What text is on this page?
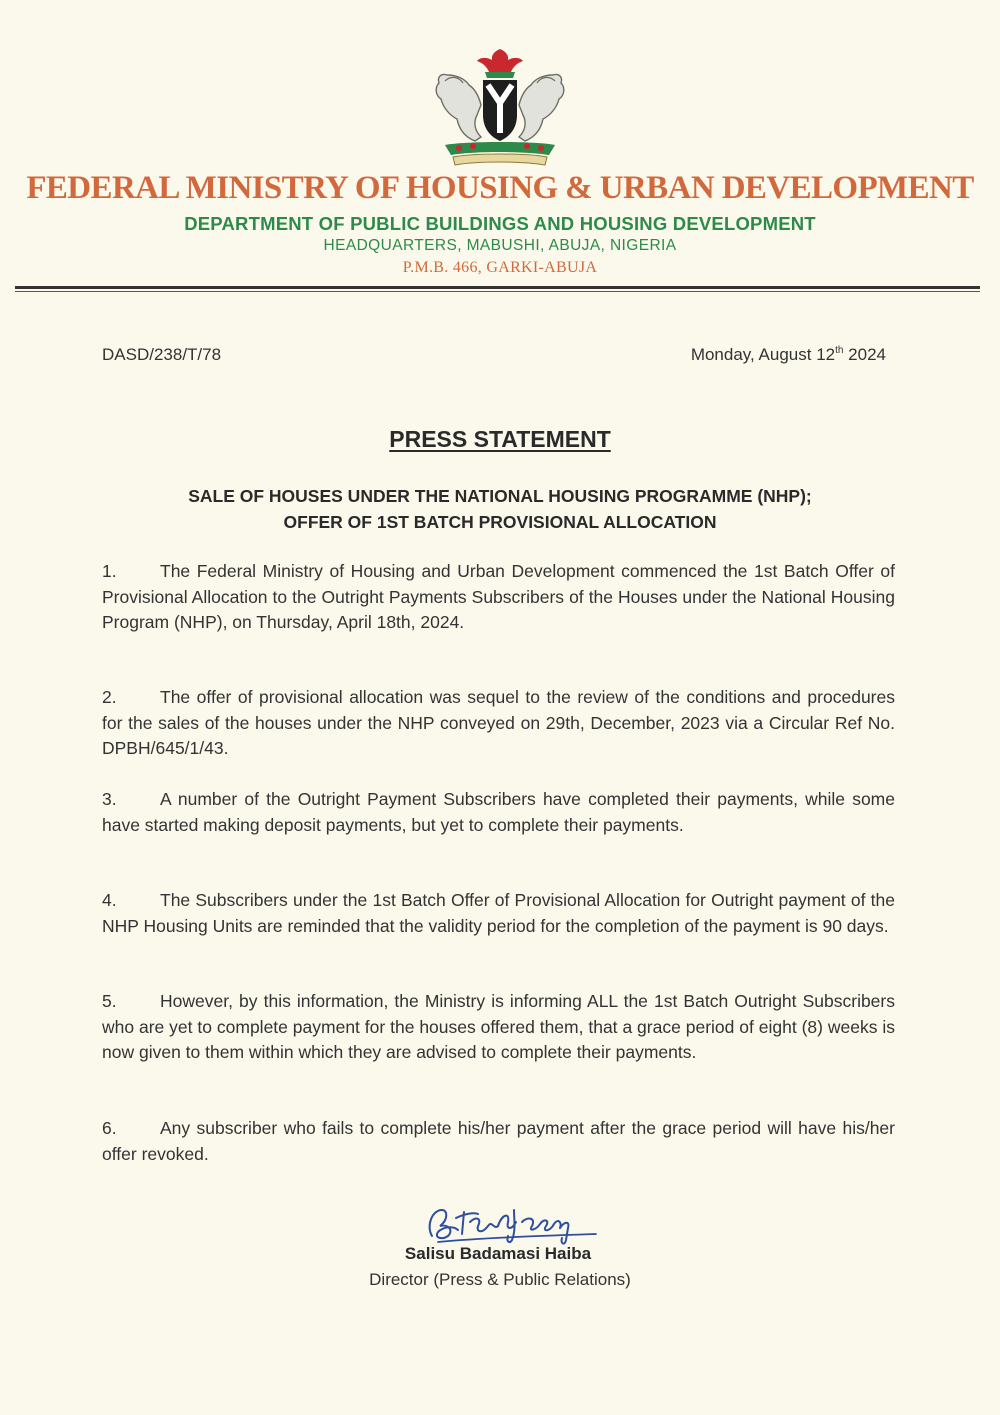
FEDERAL MINISTRY OF HOUSING & URBAN DEVELOPMENT
DEPARTMENT OF PUBLIC BUILDINGS AND HOUSING DEVELOPMENT
HEADQUARTERS, MABUSHI, ABUJA, NIGERIA
P.M.B. 466, GARKI-ABUJA
DASD/238/T/78	Monday, August 12th 2024
PRESS STATEMENT
SALE OF HOUSES UNDER THE NATIONAL HOUSING PROGRAMME (NHP);
OFFER OF 1ST BATCH PROVISIONAL ALLOCATION
1. The Federal Ministry of Housing and Urban Development commenced the 1st Batch Offer of Provisional Allocation to the Outright Payments Subscribers of the Houses under the National Housing Program (NHP), on Thursday, April 18th, 2024.
2. The offer of provisional allocation was sequel to the review of the conditions and procedures for the sales of the houses under the NHP conveyed on 29th, December, 2023 via a Circular Ref No. DPBH/645/1/43.
3. A number of the Outright Payment Subscribers have completed their payments, while some have started making deposit payments, but yet to complete their payments.
4. The Subscribers under the 1st Batch Offer of Provisional Allocation for Outright payment of the NHP Housing Units are reminded that the validity period for the completion of the payment is 90 days.
5. However, by this information, the Ministry is informing ALL the 1st Batch Outright Subscribers who are yet to complete payment for the houses offered them, that a grace period of eight (8) weeks is now given to them within which they are advised to complete their payments.
6. Any subscriber who fails to complete his/her payment after the grace period will have his/her offer revoked.
Salisu Badamasi Haiba
Director (Press & Public Relations)
